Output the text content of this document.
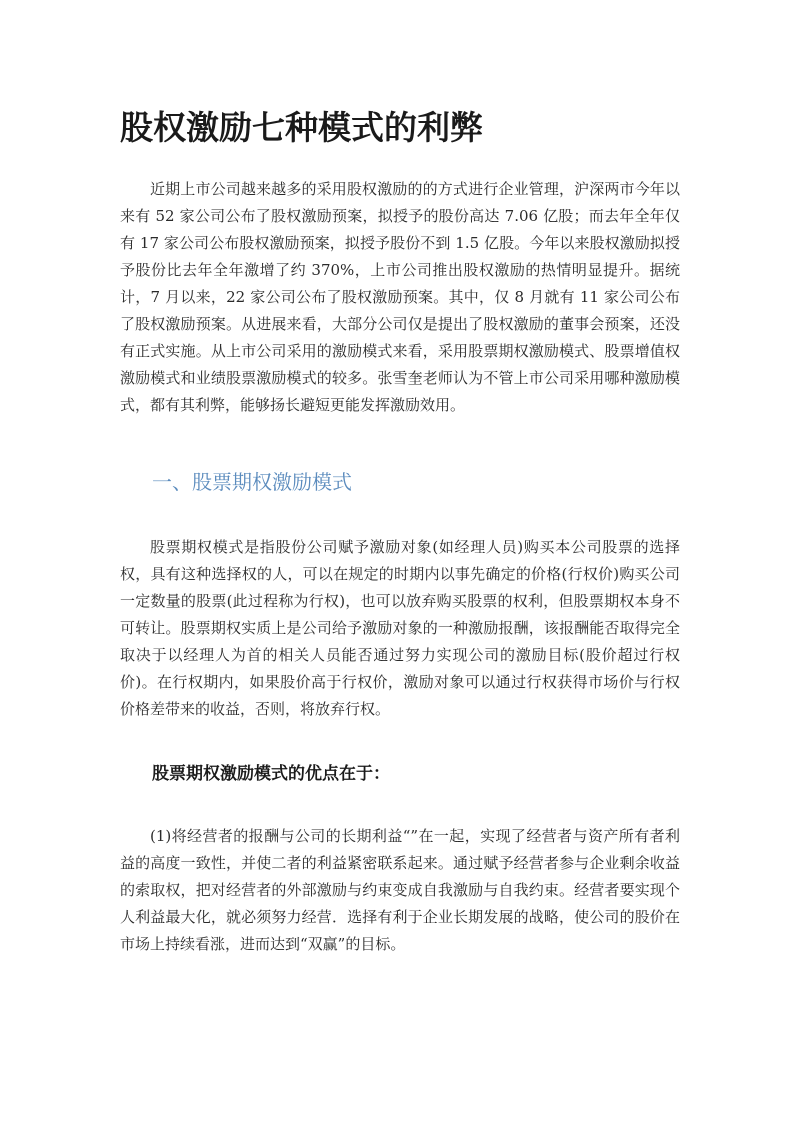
股权激励七种模式的利弊

近期上市公司越来越多的采用股权激励的的方式进行企业管理，沪深两市今年以来有 52 家公司公布了股权激励预案，拟授予的股份高达 7.06 亿股；而去年全年仅有 17 家公司公布股权激励预案，拟授予股份不到 1.5 亿股。今年以来股权激励拟授予股份比去年全年激增了约 370%，上市公司推出股权激励的热情明显提升。据统计，7 月以来，22 家公司公布了股权激励预案。其中，仅 8 月就有 11 家公司公布了股权激励预案。从进展来看，大部分公司仅是提出了股权激励的董事会预案，还没有正式实施。从上市公司采用的激励模式来看，采用股票期权激励模式、股票增值权激励模式和业绩股票激励模式的较多。张雪奎老师认为不管上市公司采用哪种激励模式，都有其利弊，能够扬长避短更能发挥激励效用。

一、股票期权激励模式

股票期权模式是指股份公司赋予激励对象(如经理人员)购买本公司股票的选择权，具有这种选择权的人，可以在规定的时期内以事先确定的价格(行权价)购买公司一定数量的股票(此过程称为行权)，也可以放弃购买股票的权利，但股票期权本身不可转让。股票期权实质上是公司给予激励对象的一种激励报酬，该报酬能否取得完全取决于以经理人为首的相关人员能否通过努力实现公司的激励目标(股价超过行权价)。在行权期内，如果股价高于行权价，激励对象可以通过行权获得市场价与行权价格差带来的收益，否则，将放弃行权。

股票期权激励模式的优点在于：

(1)将经营者的报酬与公司的长期利益“”在一起，实现了经营者与资产所有者利益的高度一致性，并使二者的利益紧密联系起来。通过赋予经营者参与企业剩余收益的索取权，把对经营者的外部激励与约束变成自我激励与自我约束。经营者要实现个人利益最大化，就必须努力经营．选择有利于企业长期发展的战略，使公司的股价在市场上持续看涨，进而达到“双赢”的目标。
